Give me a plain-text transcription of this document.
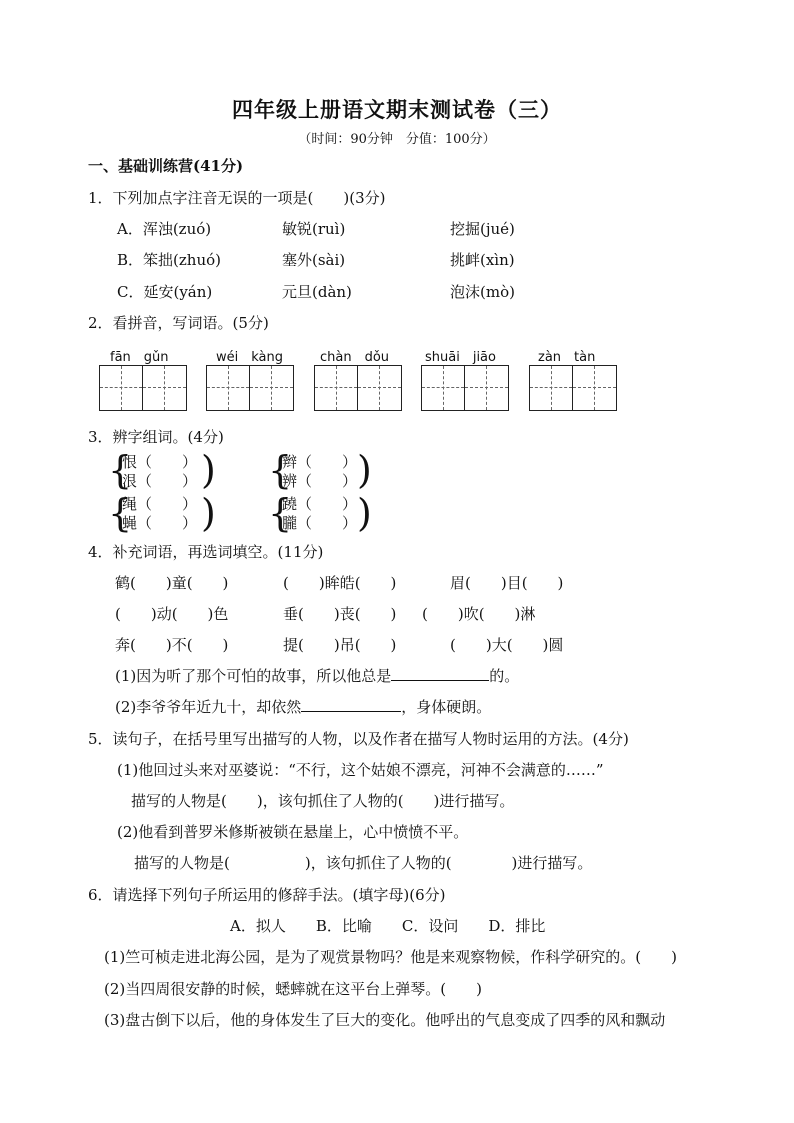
四年级上册语文期末测试卷（三）
（时间：90分钟　分值：100分）
一、基础训练营(41分)
1．下列加点字注音无误的一项是(　　)(3分)
A．浑浊(zuó)	敏锐(ruì)	挖掘(jué)
B．笨拙(zhuó)	塞外(sài)	挑衅(xìn)
C．延安(yán)	元旦(dàn)	泡沫(mò)
2．看拼音，写词语。(5分)
fān　gǔn	wéi　kàng	chàn　dǒu	shuāi　jiāo	zàn　tàn
3．辨字组词。(4分)
{
恨（　　）
泿（　　） )
{
绳（　　）
蝇（　　） )
{
辫（　　）
辨（　　） )
{
蹺（　　）
朧（　　） )
4．补充词语，再选词填空。(11分)
鹤(　　)童(　　)	(　　)眸皓(　　)	眉(　　)目(　　)
(　　)动(　　)色	垂(　　)丧(　　) (　　)吹(　　)淋
奔(　　)不(　　)	提(　　)吊(　　)	(　　)大(　　)圆
(1)因为听了那个可怕的故事，所以他总是	的。
(2)李爷爷年近九十，却依然	，身体硬朗。
5．读句子，在括号里写出描写的人物，以及作者在描写人物时运用的方法。(4分)
(1)他回过头来对巫婆说：“不行，这个姑娘不漂亮，河神不会满意的……”
描写的人物是(　　)，该句抓住了人物的(　　)进行描写。
(2)他看到普罗米修斯被锁在悬崖上，心中愤愤不平。
描写的人物是(　　　　　)，该句抓住了人物的(　　　　)进行描写。
6．请选择下列句子所运用的修辞手法。(填字母)(6分)
A．拟人　　B．比喻　　C．设问　　D．排比
(1)竺可桢走进北海公园，是为了观赏景物吗？他是来观察物候，作科学研究的。(　　)
(2)当四周很安静的时候，蟋蟀就在这平台上弹琴。(　　)
(3)盘古倒下以后，他的身体发生了巨大的变化。他呼出的气息变成了四季的风和飘动
